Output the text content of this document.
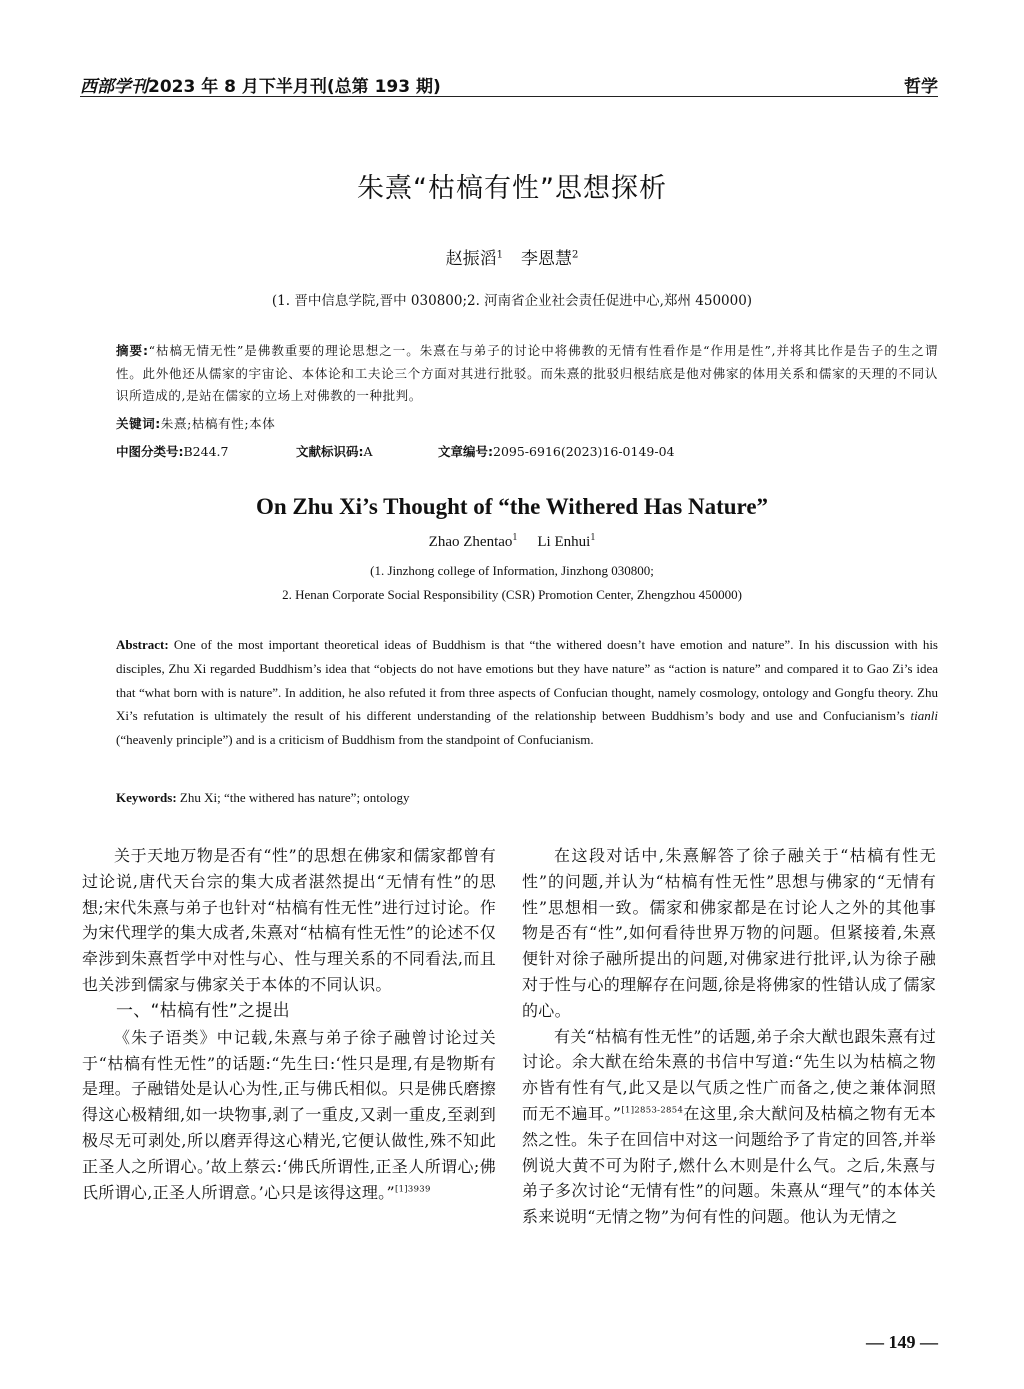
西部学刊2023 年 8 月下半月刊(总第 193 期)	哲学
朱熹“枯槁有性”思想探析
赵振滔$^1$ 李恩慧$^2$
(1. 晋中信息学院,晋中 030800;2. 河南省企业社会责任促进中心,郑州 450000)
摘要:“枯槁无情无性”是佛教重要的理论思想之一。朱熹在与弟子的讨论中将佛教的无情有性看作是“作用是性”,并将其比作是告子的生之谓性。此外他还从儒家的宇宙论、本体论和工夫论三个方面对其进行批驳。而朱熹的批驳归根结底是他对佛家的体用关系和儒家的天理的不同认识所造成的,是站在儒家的立场上对佛教的一种批判。
关键词:朱熹;枯槁有性;本体
中图分类号:B244.7	文献标识码:A	文章编号:2095-6916(2023)16-0149-04
On Zhu Xi’s Thought of “the Withered Has Nature”
Zhao Zhentao$^1$ Li Enhui$^1$
(1. Jinzhong college of Information, Jinzhong 030800;
2. Henan Corporate Social Responsibility (CSR) Promotion Center, Zhengzhou 450000)
Abstract: One of the most important theoretical ideas of Buddhism is that “the withered doesn’t have emotion and nature”. In his discussion with his disciples, Zhu Xi regarded Buddhism’s idea that “objects do not have emotions but they have nature” as “action is nature” and compared it to Gao Zi’s idea that “what born with is nature”. In addition, he also refuted it from three aspects of Confucian thought, namely cosmology, ontology and Gongfu theory. Zhu Xi’s refutation is ultimately the result of his different understanding of the relationship between Buddhism’s body and use and Confucianism’s tianli (“heavenly principle”) and is a criticism of Buddhism from the standpoint of Confucianism.
Keywords: Zhu Xi; “the withered has nature”; ontology

关于天地万物是否有“性”的思想在佛家和儒家都曾有过论说,唐代天台宗的集大成者湛然提出“无情有性”的思想;宋代朱熹与弟子也针对“枯槁有性无性”进行过讨论。作为宋代理学的集大成者,朱熹对“枯槁有性无性”的论述不仅牵涉到朱熹哲学中对性与心、性与理关系的不同看法,而且也关涉到儒家与佛家关于本体的不同认识。

一、“枯槁有性”之提出

《朱子语类》中记载,朱熹与弟子徐子融曾讨论过关于“枯槁有性无性”的话题:“先生曰:‘性只是理,有是物斯有是理。子融错处是认心为性,正与佛氏相似。只是佛氏磨擦得这心极精细,如一块物事,剥了一重皮,又剥一重皮,至剥到极尽无可剥处,所以磨弄得这心精光,它便认做性,殊不知此正圣人之所谓心。’故上蔡云:‘佛氏所谓性,正圣人所谓心;佛氏所谓心,正圣人所谓意。’心只是该得这理。”$^{[1]3939}$

在这段对话中,朱熹解答了徐子融关于“枯槁有性无性”的问题,并认为“枯槁有性无性”思想与佛家的“无情有性”思想相一致。儒家和佛家都是在讨论人之外的其他事物是否有“性”,如何看待世界万物的问题。但紧接着,朱熹便针对徐子融所提出的问题,对佛家进行批评,认为徐子融对于性与心的理解存在问题,徐是将佛家的性错认成了儒家的心。

有关“枯槁有性无性”的话题,弟子余大猷也跟朱熹有过讨论。余大猷在给朱熹的书信中写道:“先生以为枯槁之物亦皆有性有气,此又是以气质之性广而备之,使之兼体洞照而无不遍耳。”$^{[1]2853-2854}$在这里,余大猷问及枯槁之物有无本然之性。朱子在回信中对这一问题给予了肯定的回答,并举例说大黄不可为附子,燃什么木则是什么气。之后,朱熹与弟子多次讨论“无情有性”的问题。朱熹从“理气”的本体关系来说明“无情之物”为何有性的问题。他认为无情之

— 149 —
